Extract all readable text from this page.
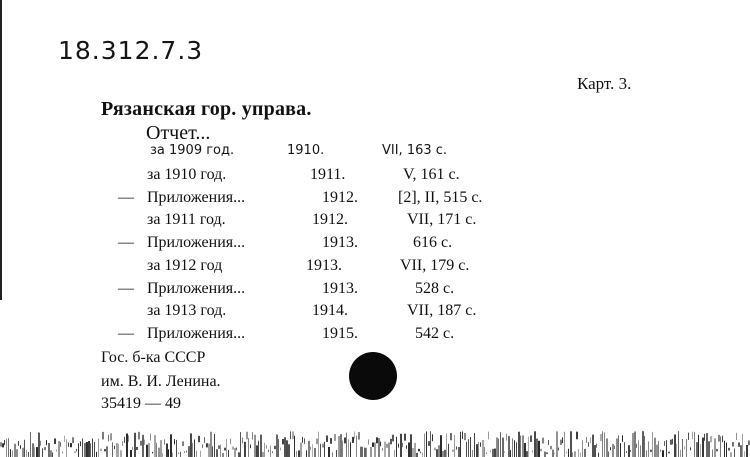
18.312.7.3
Карт. 3.
Рязанская гор. управа.
Отчет...
за 1909 год.	1910.	VII, 163 с.
за 1910 год.	1911.	V, 161 с.
— Приложения...	1912.	[2], II, 515 с.
за 1911 год.	1912.	VII, 171 с.
— Приложения...	1913.	616 с.
за 1912 год	1913.	VII, 179 с.
— Приложения...	1913.	528 с.
за 1913 год.	1914.	VII, 187 с.
— Приложения...	1915.	542 с.
Гос. б-ка СССР
им. В. И. Ленина.
35419 — 49
